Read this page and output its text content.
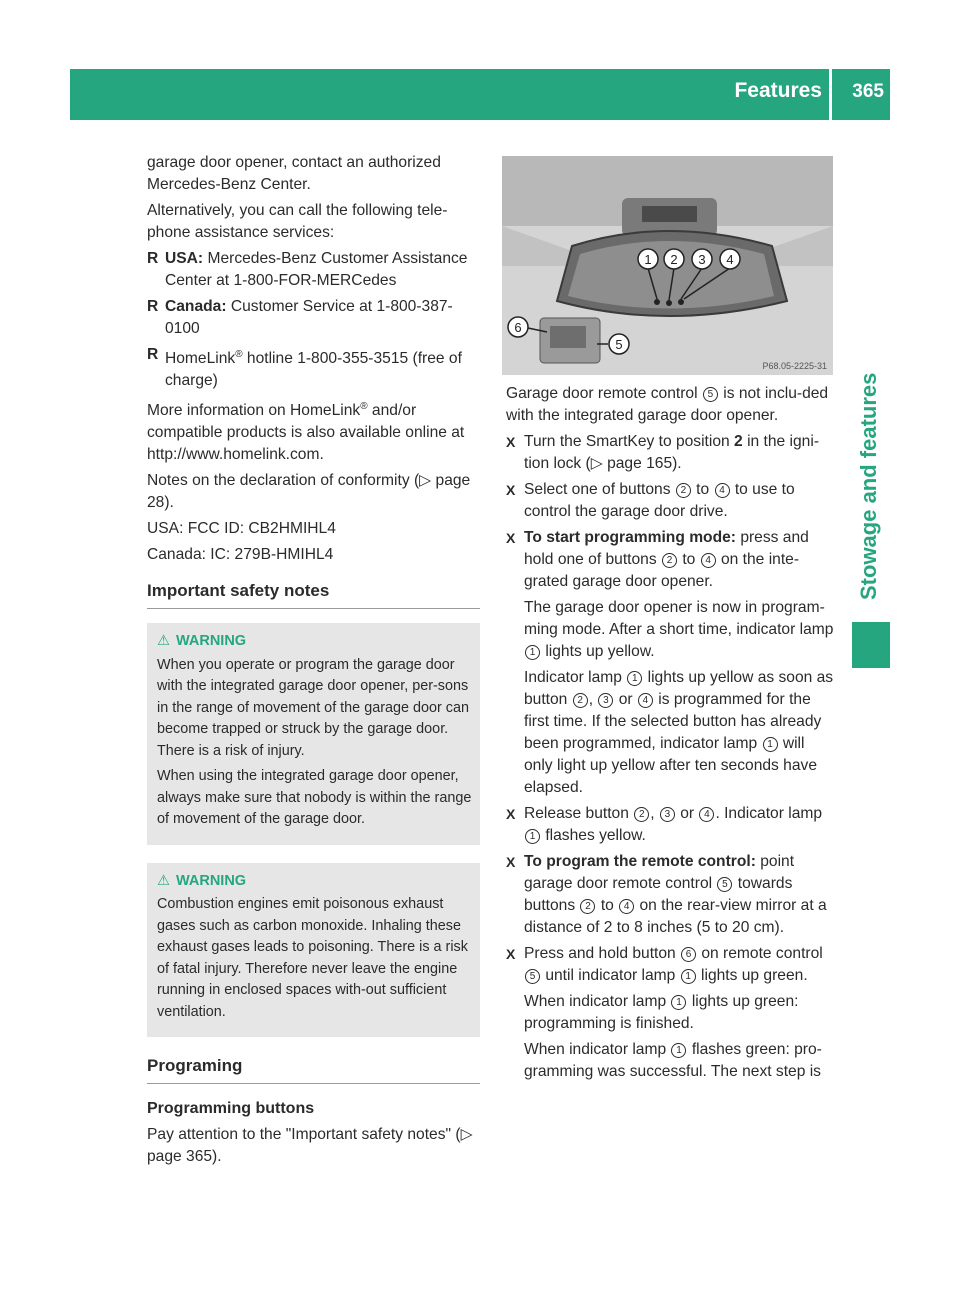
Features 365
Stowage and features

garage door opener, contact an authorized Mercedes-Benz Center.

Alternatively, you can call the following tele-phone assistance services:

R USA: Mercedes-Benz Customer Assistance Center at 1-800-FOR-MERCedes
R Canada: Customer Service at 1-800-387-0100
R HomeLink® hotline 1-800-355-3515 (free of charge)

More information on HomeLink® and/or compatible products is also available online at http://www.homelink.com.

Notes on the declaration of conformity (▷ page 28).

USA: FCC ID: CB2HMIHL4

Canada: IC: 279B-HMIHL4

Important safety notes
⚠ WARNING

When you operate or program the garage door with the integrated garage door opener, per-sons in the range of movement of the garage door can become trapped or struck by the garage door. There is a risk of injury.

When using the integrated garage door opener, always make sure that nobody is within the range of movement of the garage door.

⚠ WARNING

Combustion engines emit poisonous exhaust gases such as carbon monoxide. Inhaling these exhaust gases leads to poisoning. There is a risk of fatal injury. Therefore never leave the engine running in enclosed spaces with-out sufficient ventilation.

Programing
Programming buttons

Pay attention to the "Important safety notes" (▷ page 365).

1 2 3 4
5
6
P68.05-2225-31

Garage door remote control 5 is not inclu-ded with the integrated garage door opener.

X Turn the SmartKey to position 2 in the igni-tion lock (▷ page 165).
X Select one of buttons 2 to 4 to use to control the garage door drive.
X To start programming mode: press and hold one of buttons 2 to 4 on the inte-grated garage door opener.
The garage door opener is now in program-ming mode. After a short time, indicator lamp 1 lights up yellow.
Indicator lamp 1 lights up yellow as soon as button 2 , 3 or 4 is programmed for the first time. If the selected button has already been programmed, indicator lamp 1 will only light up yellow after ten seconds have elapsed.
X Release button 2 , 3 or 4 . Indicator lamp 1 flashes yellow.
X To program the remote control: point garage door remote control 5 towards buttons 2 to 4 on the rear-view mirror at a distance of 2 to 8 inches (5 to 20 cm).
X Press and hold button 6 on remote control 5 until indicator lamp 1 lights up green.
When indicator lamp 1 lights up green: programming is finished.
When indicator lamp 1 flashes green: pro-gramming was successful. The next step is
